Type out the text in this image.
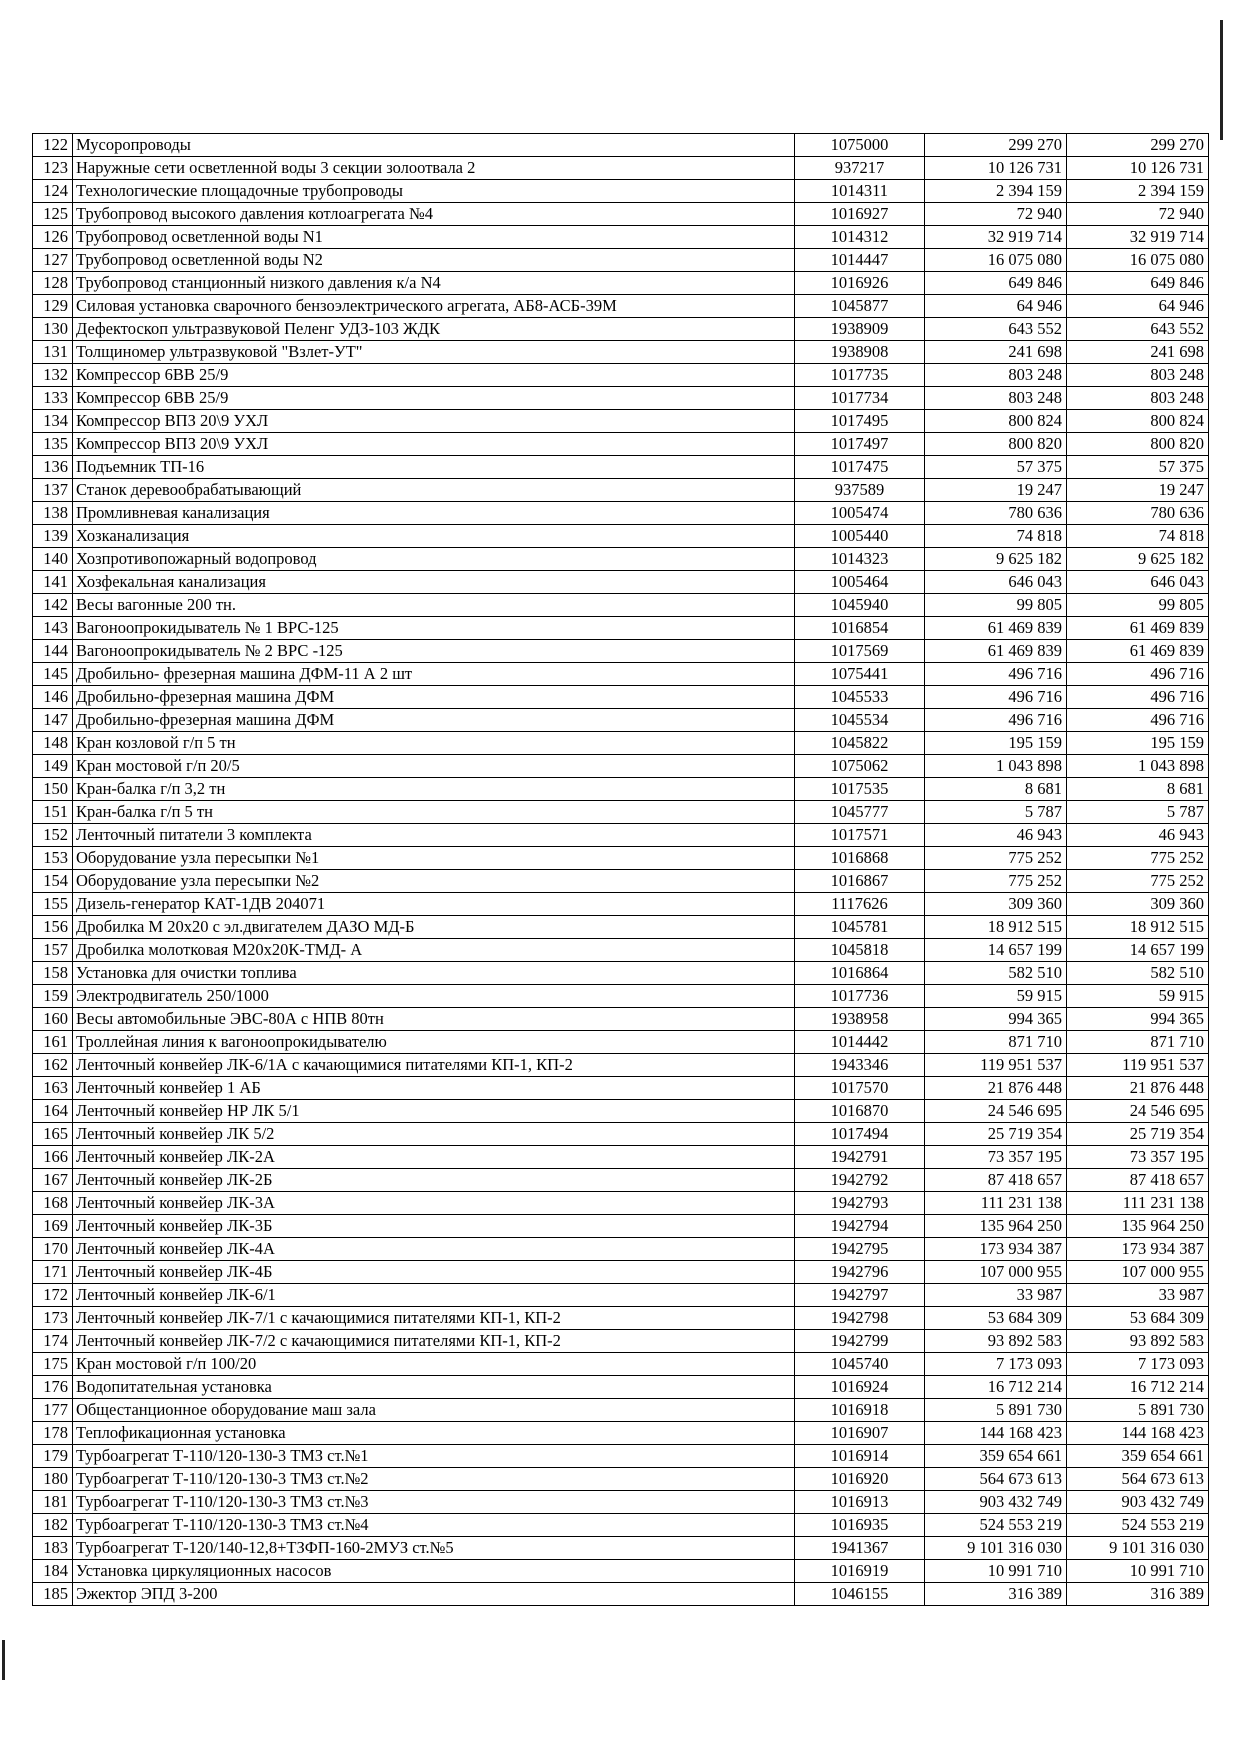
122	Мусоропроводы	1075000	299 270	299 270
123	Наружные сети осветленной воды 3 секции золоотвала 2	937217	10 126 731	10 126 731
124	Технологические площадочные трубопроводы	1014311	2 394 159	2 394 159
125	Трубопровод высокого давления котлоагрегата №4	1016927	72 940	72 940
126	Трубопровод осветленной воды N1	1014312	32 919 714	32 919 714
127	Трубопровод осветленной воды N2	1014447	16 075 080	16 075 080
128	Трубопровод станционный низкого давления к/а N4	1016926	649 846	649 846
129	Силовая установка сварочного бензоэлектрического агрегата, АБ8-АСБ-39М	1045877	64 946	64 946
130	Дефектоскоп ультразвуковой Пеленг УДЗ-103 ЖДК	1938909	643 552	643 552
131	Толщиномер ультразвуковой "Взлет-УТ"	1938908	241 698	241 698
132	Компрессор 6ВВ 25/9	1017735	803 248	803 248
133	Компрессор 6ВВ 25/9	1017734	803 248	803 248
134	Компрессор ВПЗ 20\9 УХЛ	1017495	800 824	800 824
135	Компрессор ВПЗ 20\9 УХЛ	1017497	800 820	800 820
136	Подъемник ТП-16	1017475	57 375	57 375
137	Станок деревообрабатывающий	937589	19 247	19 247
138	Промливневая канализация	1005474	780 636	780 636
139	Хозканализация	1005440	74 818	74 818
140	Хозпротивопожарный водопровод	1014323	9 625 182	9 625 182
141	Хозфекальная канализация	1005464	646 043	646 043
142	Весы вагонные 200 тн.	1045940	99 805	99 805
143	Вагоноопрокидыватель № 1 ВРС-125	1016854	61 469 839	61 469 839
144	Вагоноопрокидыватель № 2 ВРС -125	1017569	61 469 839	61 469 839
145	Дробильно- фрезерная машина ДФМ-11 А 2 шт	1075441	496 716	496 716
146	Дробильно-фрезерная машина ДФМ	1045533	496 716	496 716
147	Дробильно-фрезерная машина ДФМ	1045534	496 716	496 716
148	Кран козловой г/п 5 тн	1045822	195 159	195 159
149	Кран мостовой г/п 20/5	1075062	1 043 898	1 043 898
150	Кран-балка г/п 3,2 тн	1017535	8 681	8 681
151	Кран-балка г/п 5 тн	1045777	5 787	5 787
152	Ленточный питатели 3 комплекта	1017571	46 943	46 943
153	Оборудование узла пересыпки №1	1016868	775 252	775 252
154	Оборудование узла пересыпки №2	1016867	775 252	775 252
155	Дизель-генератор КАТ-1ДВ 204071	1117626	309 360	309 360
156	Дробилка М 20х20 с эл.двигателем ДАЗО МД-Б	1045781	18 912 515	18 912 515
157	Дробилка молотковая М20х20К-ТМД- А	1045818	14 657 199	14 657 199
158	Установка для очистки топлива	1016864	582 510	582 510
159	Электродвигатель 250/1000	1017736	59 915	59 915
160	Весы автомобильные ЭВС-80А с НПВ 80тн	1938958	994 365	994 365
161	Троллейная линия к вагоноопрокидывателю	1014442	871 710	871 710
162	Ленточный конвейер ЛК-6/1А с качающимися питателями КП-1, КП-2	1943346	119 951 537	119 951 537
163	Ленточный конвейер 1 АБ	1017570	21 876 448	21 876 448
164	Ленточный конвейер НР ЛК 5/1	1016870	24 546 695	24 546 695
165	Ленточный конвейер ЛК 5/2	1017494	25 719 354	25 719 354
166	Ленточный конвейер ЛК-2А	1942791	73 357 195	73 357 195
167	Ленточный конвейер ЛК-2Б	1942792	87 418 657	87 418 657
168	Ленточный конвейер ЛК-3А	1942793	111 231 138	111 231 138
169	Ленточный конвейер ЛК-3Б	1942794	135 964 250	135 964 250
170	Ленточный конвейер ЛК-4А	1942795	173 934 387	173 934 387
171	Ленточный конвейер ЛК-4Б	1942796	107 000 955	107 000 955
172	Ленточный конвейер ЛК-6/1	1942797	33 987	33 987
173	Ленточный конвейер ЛК-7/1 с качающимися питателями КП-1, КП-2	1942798	53 684 309	53 684 309
174	Ленточный конвейер ЛК-7/2 с качающимися питателями КП-1, КП-2	1942799	93 892 583	93 892 583
175	Кран мостовой г/п 100/20	1045740	7 173 093	7 173 093
176	Водопитательная установка	1016924	16 712 214	16 712 214
177	Общестанционное оборудование маш зала	1016918	5 891 730	5 891 730
178	Теплофикационная установка	1016907	144 168 423	144 168 423
179	Турбоагрегат Т-110/120-130-3 ТМЗ ст.№1	1016914	359 654 661	359 654 661
180	Турбоагрегат Т-110/120-130-3 ТМЗ ст.№2	1016920	564 673 613	564 673 613
181	Турбоагрегат Т-110/120-130-3 ТМЗ ст.№3	1016913	903 432 749	903 432 749
182	Турбоагрегат Т-110/120-130-3 ТМЗ ст.№4	1016935	524 553 219	524 553 219
183	Турбоагрегат Т-120/140-12,8+ТЗФП-160-2МУЗ ст.№5	1941367	9 101 316 030	9 101 316 030
184	Установка циркуляционных насосов	1016919	10 991 710	10 991 710
185	Эжектор ЭПД 3-200	1046155	316 389	316 389
